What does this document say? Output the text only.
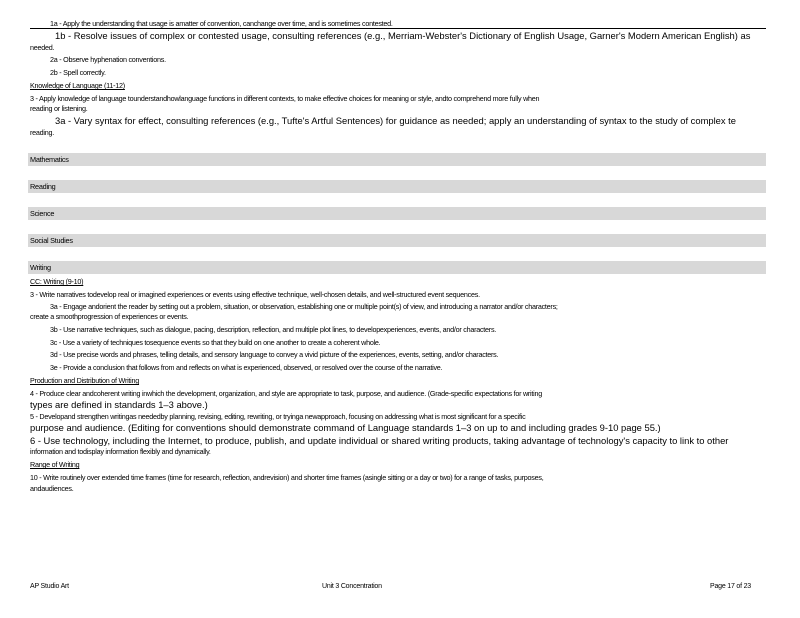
1a - Apply the understanding that usage is amatter of convention, canchange over time, and is sometimes contested.
1b - Resolve issues of complex or contested usage, consulting references (e.g., Merriam-Webster's Dictionary of English Usage, Garner's Modern American English) as
needed.
2a - Observe hyphenation conventions.
2b - Spell correctly.
Knowledge of Language (11-12)
3 - Apply knowledge of language tounderstandhowlanguage functions in different contexts, to make effective choices for meaning or style, andto comprehend more fully when
reading or listening.
3a - Vary syntax for effect, consulting references (e.g., Tufte's Artful Sentences) for guidance as needed; apply an understanding of syntax to the study of complex te
reading.
Mathematics
Reading
Science
Social Studies
Writing
CC: Writing (9-10)
3 - Write narratives todevelop real or imagined experiences or events using effective technique, well-chosen details, and well-structured event sequences.
3a - Engage andorient the reader by setting out a problem, situation, or observation, establishing one or multiple point(s) of view, and introducing a narrator and/or characters;
create a smoothprogression of experiences or events.
3b - Use narrative techniques, such as dialogue, pacing, description, reflection, and multiple plot lines, to developexperiences, events, and/or characters.
3c - Use a variety of techniques tosequence events so that they build on one another to create a coherent whole.
3d - Use precise words and phrases, telling details, and sensory language to convey a vivid picture of the experiences, events, setting, and/or characters.
3e - Provide a conclusion that follows from and reflects on what is experienced, observed, or resolved over the course of the narrative.
Production and Distribution of Writing
4 - Produce clear andcoherent writing inwhich the development, organization, and style are appropriate to task, purpose, and audience. (Grade-specific expectations for writing
types are defined in standards 1–3 above.)
5 - Developand strengthen writingas neededby planning, revising, editing, rewriting, or tryinga newapproach, focusing on addressing what is most significant for a specific
purpose and audience. (Editing for conventions should demonstrate command of Language standards 1–3 on up to and including grades 9-10 page 55.)
6 - Use technology, including the Internet, to produce, publish, and update individual or shared writing products, taking advantage of technology's capacity to link to other
information and todisplay information flexibly and dynamically.
Range of Writing
10 - Write routinely over extended time frames (time for research, reflection, andrevision) and shorter time frames (asingle sitting or a day or two) for a range of tasks, purposes,
andaudiences.
AP Studio Art	Unit 3 Concentration	Page 17 of 23
